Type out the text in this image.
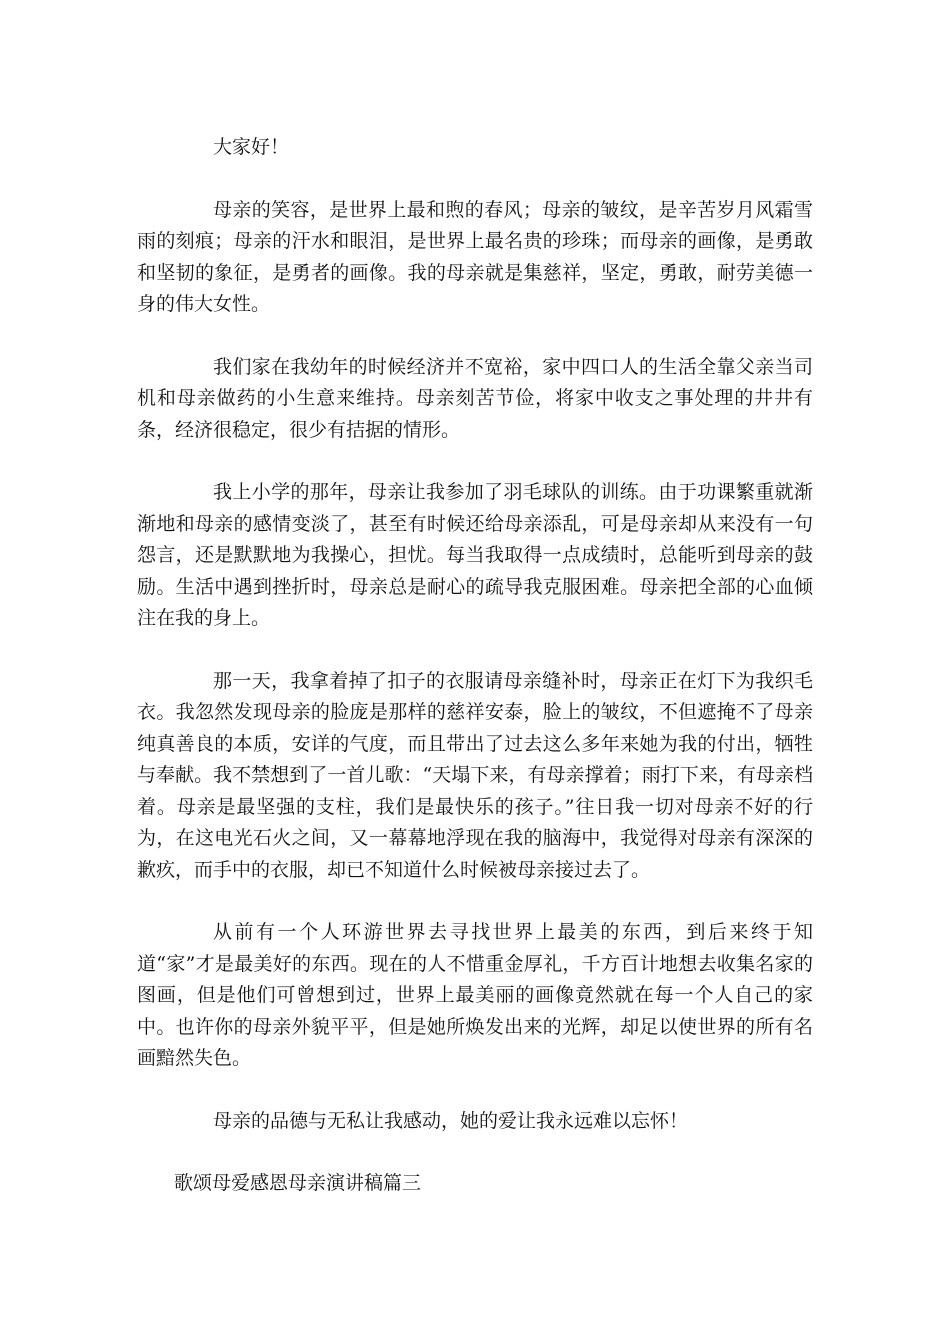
大家好！

母亲的笑容，是世界上最和煦的春风；母亲的皱纹，是辛苦岁月风霜雪雨的刻痕；母亲的汗水和眼泪，是世界上最名贵的珍珠；而母亲的画像，是勇敢和坚韧的象征，是勇者的画像。我的母亲就是集慈祥，坚定，勇敢，耐劳美德一身的伟大女性。

我们家在我幼年的时候经济并不宽裕，家中四口人的生活全靠父亲当司机和母亲做药的小生意来维持。母亲刻苦节俭，将家中收支之事处理的井井有条，经济很稳定，很少有拮据的情形。

我上小学的那年，母亲让我参加了羽毛球队的训练。由于功课繁重就渐渐地和母亲的感情变淡了，甚至有时候还给母亲添乱，可是母亲却从来没有一句怨言，还是默默地为我操心，担忧。每当我取得一点成绩时，总能听到母亲的鼓励。生活中遇到挫折时，母亲总是耐心的疏导我克服困难。母亲把全部的心血倾注在我的身上。

那一天，我拿着掉了扣子的衣服请母亲缝补时，母亲正在灯下为我织毛衣。我忽然发现母亲的脸庞是那样的慈祥安泰，脸上的皱纹，不但遮掩不了母亲纯真善良的本质，安详的气度，而且带出了过去这么多年来她为我的付出，牺牲与奉献。我不禁想到了一首儿歌：“天塌下来，有母亲撑着；雨打下来，有母亲档着。母亲是最坚强的支柱，我们是最快乐的孩子。”往日我一切对母亲不好的行为，在这电光石火之间，又一幕幕地浮现在我的脑海中，我觉得对母亲有深深的歉疚，而手中的衣服，却已不知道什么时候被母亲接过去了。

从前有一个人环游世界去寻找世界上最美的东西，到后来终于知道“家”才是最美好的东西。现在的人不惜重金厚礼，千方百计地想去收集名家的图画，但是他们可曾想到过，世界上最美丽的画像竟然就在每一个人自己的家中。也许你的母亲外貌平平，但是她所焕发出来的光辉，却足以使世界的所有名画黯然失色。

母亲的品德与无私让我感动，她的爱让我永远难以忘怀！

歌颂母爱感恩母亲演讲稿篇三
